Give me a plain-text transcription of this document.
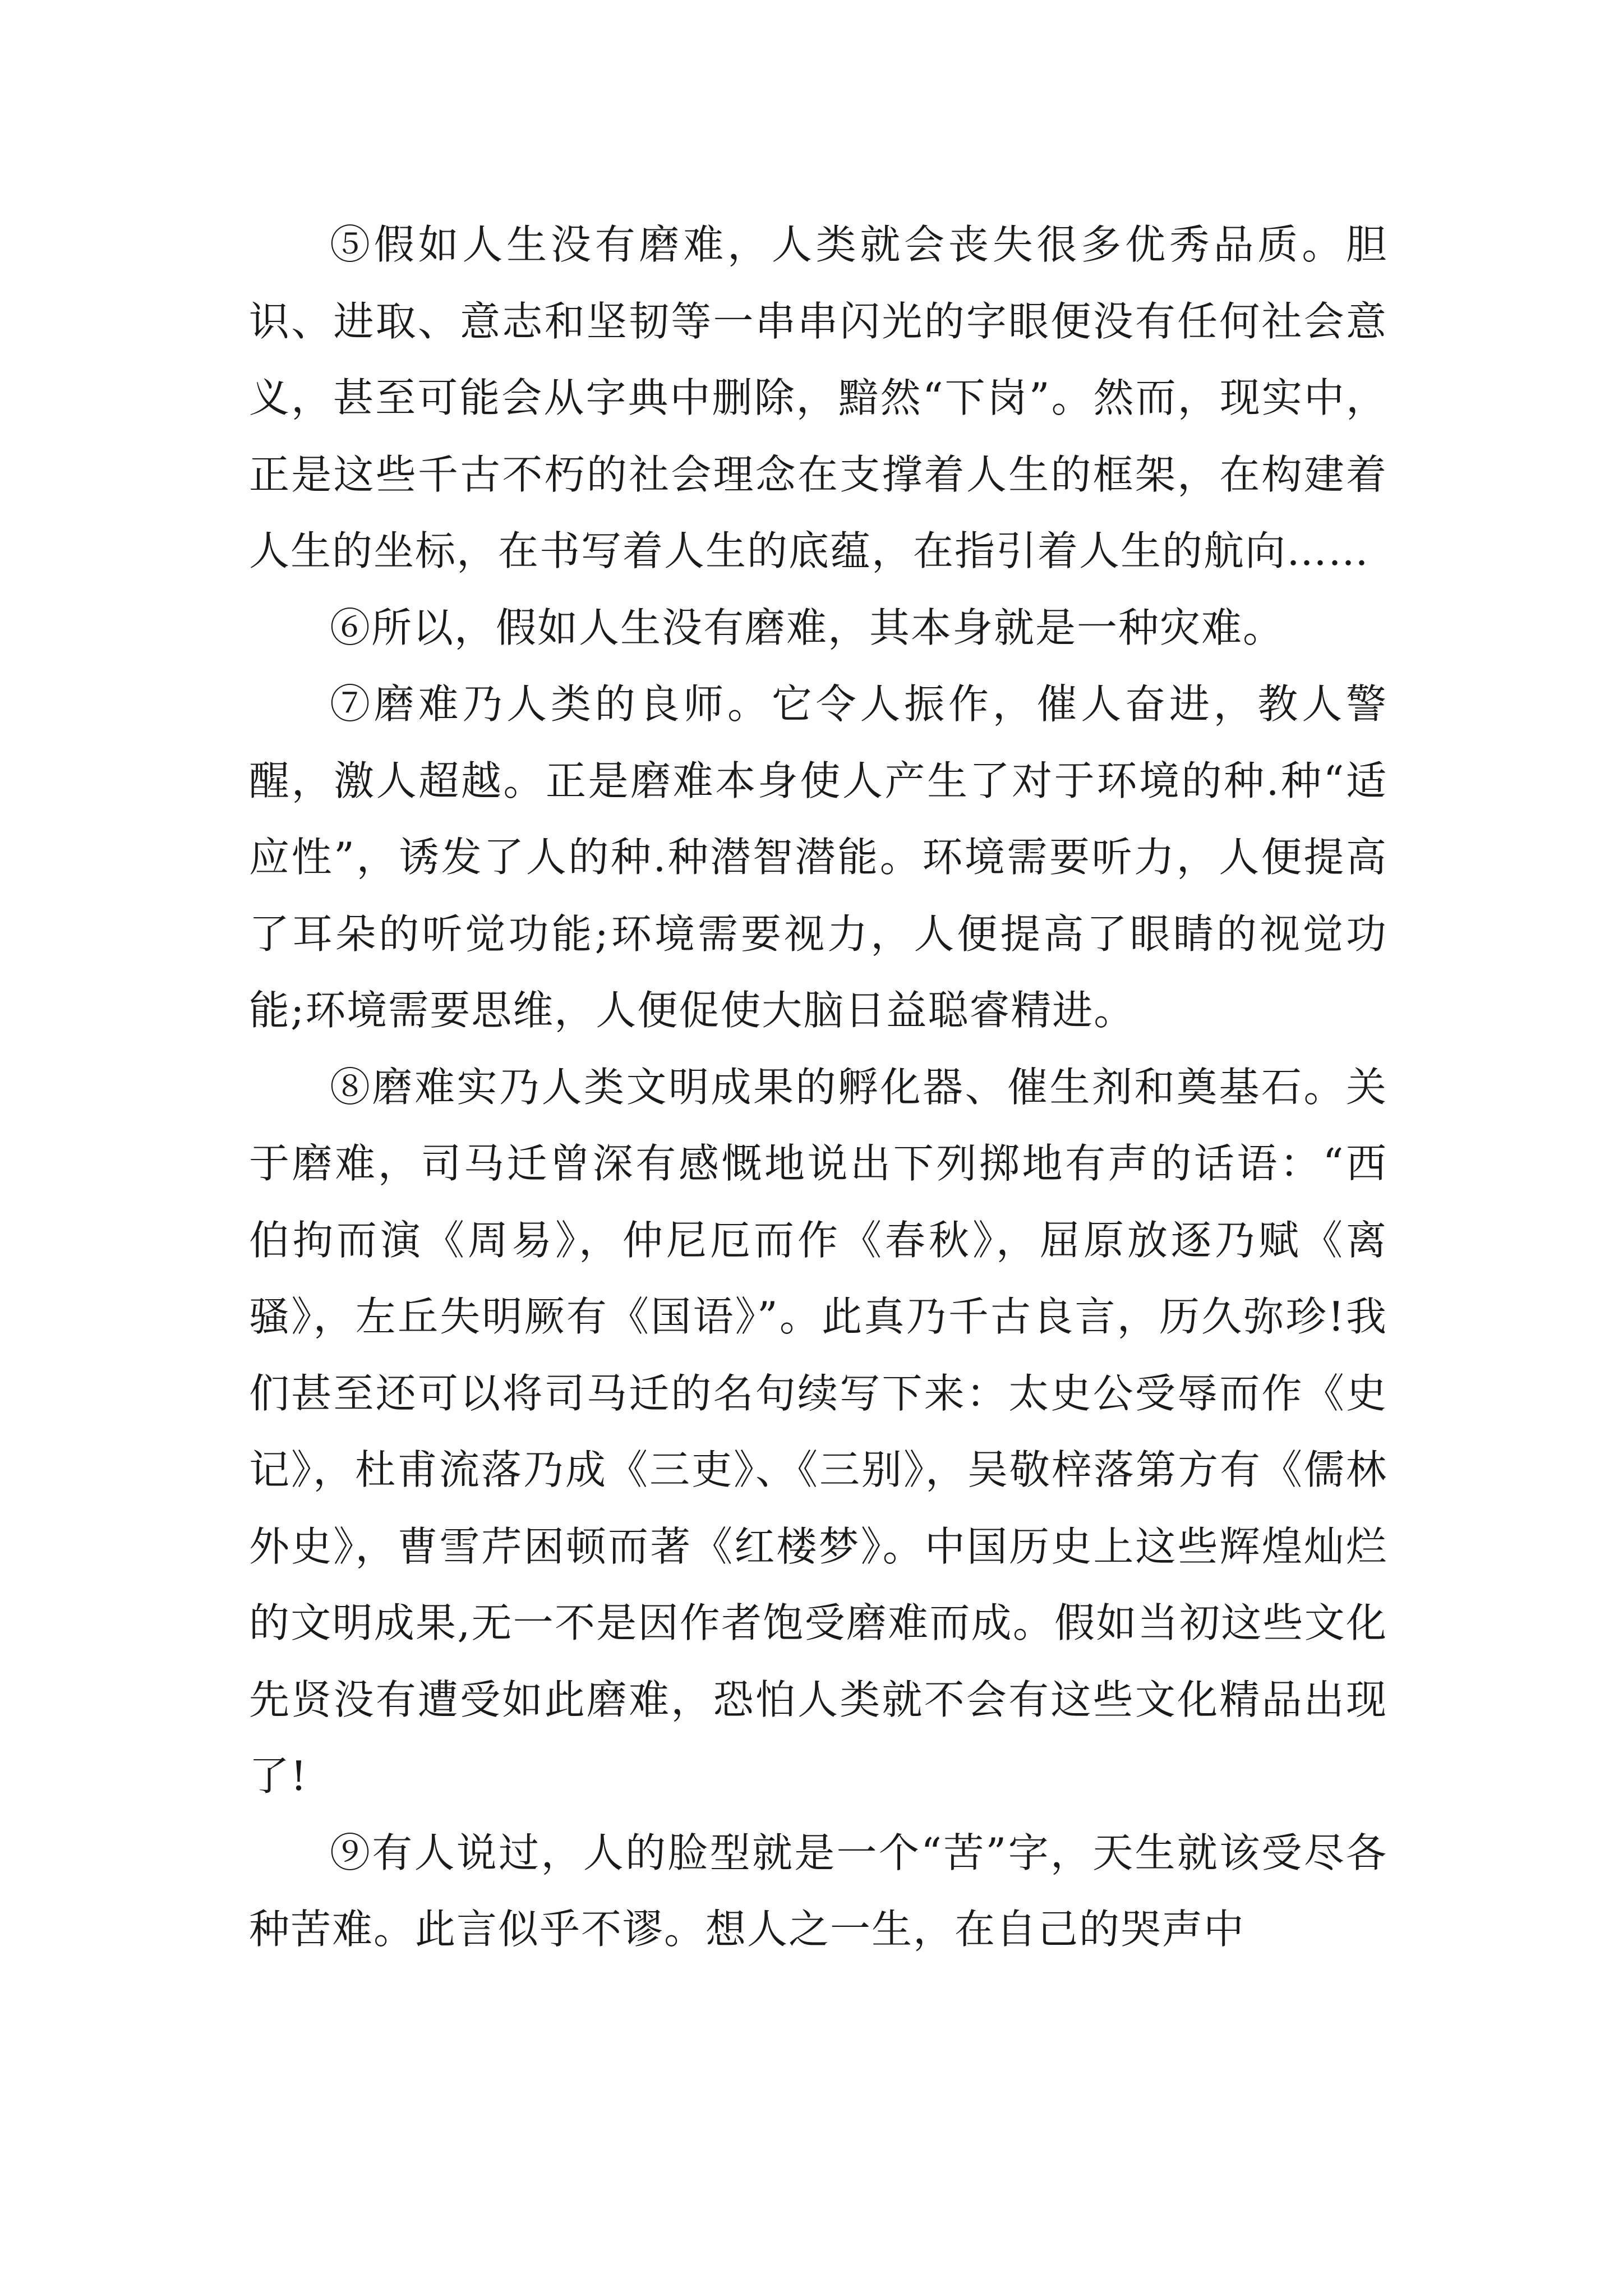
⑤假如人生没有磨难，人类就会丧失很多优秀品质。胆识、进取、意志和坚韧等一串串闪光的字眼便没有任何社会意义，甚至可能会从字典中删除，黯然“下岗”。然而，现实中，正是这些千古不朽的社会理念在支撑着人生的框架，在构建着人生的坐标，在书写着人生的底蕴，在指引着人生的航向……

⑥所以，假如人生没有磨难，其本身就是一种灾难。

⑦磨难乃人类的良师。它令人振作，催人奋进，教人警醒，激人超越。正是磨难本身使人产生了对于环境的种.种“适应性”，诱发了人的种.种潜智潜能。环境需要听力，人便提高了耳朵的听觉功能;环境需要视力，人便提高了眼睛的视觉功能;环境需要思维，人便促使大脑日益聪睿精进。

⑧磨难实乃人类文明成果的孵化器、催生剂和奠基石。关于磨难，司马迁曾深有感慨地说出下列掷地有声的话语：“西伯拘而演《周易》，仲尼厄而作《春秋》，屈原放逐乃赋《离骚》，左丘失明厥有《国语》”。此真乃千古良言，历久弥珍!我们甚至还可以将司马迁的名句续写下来：太史公受辱而作《史记》，杜甫流落乃成《三吏》、《三别》，吴敬梓落第方有《儒林外史》，曹雪芹困顿而著《红楼梦》。中国历史上这些辉煌灿烂的文明成果,无一不是因作者饱受磨难而成。假如当初这些文化先贤没有遭受如此磨难，恐怕人类就不会有这些文化精品出现了!

⑨有人说过，人的脸型就是一个“苦”字，天生就该受尽各种苦难。此言似乎不谬。想人之一生，在自己的哭声中
